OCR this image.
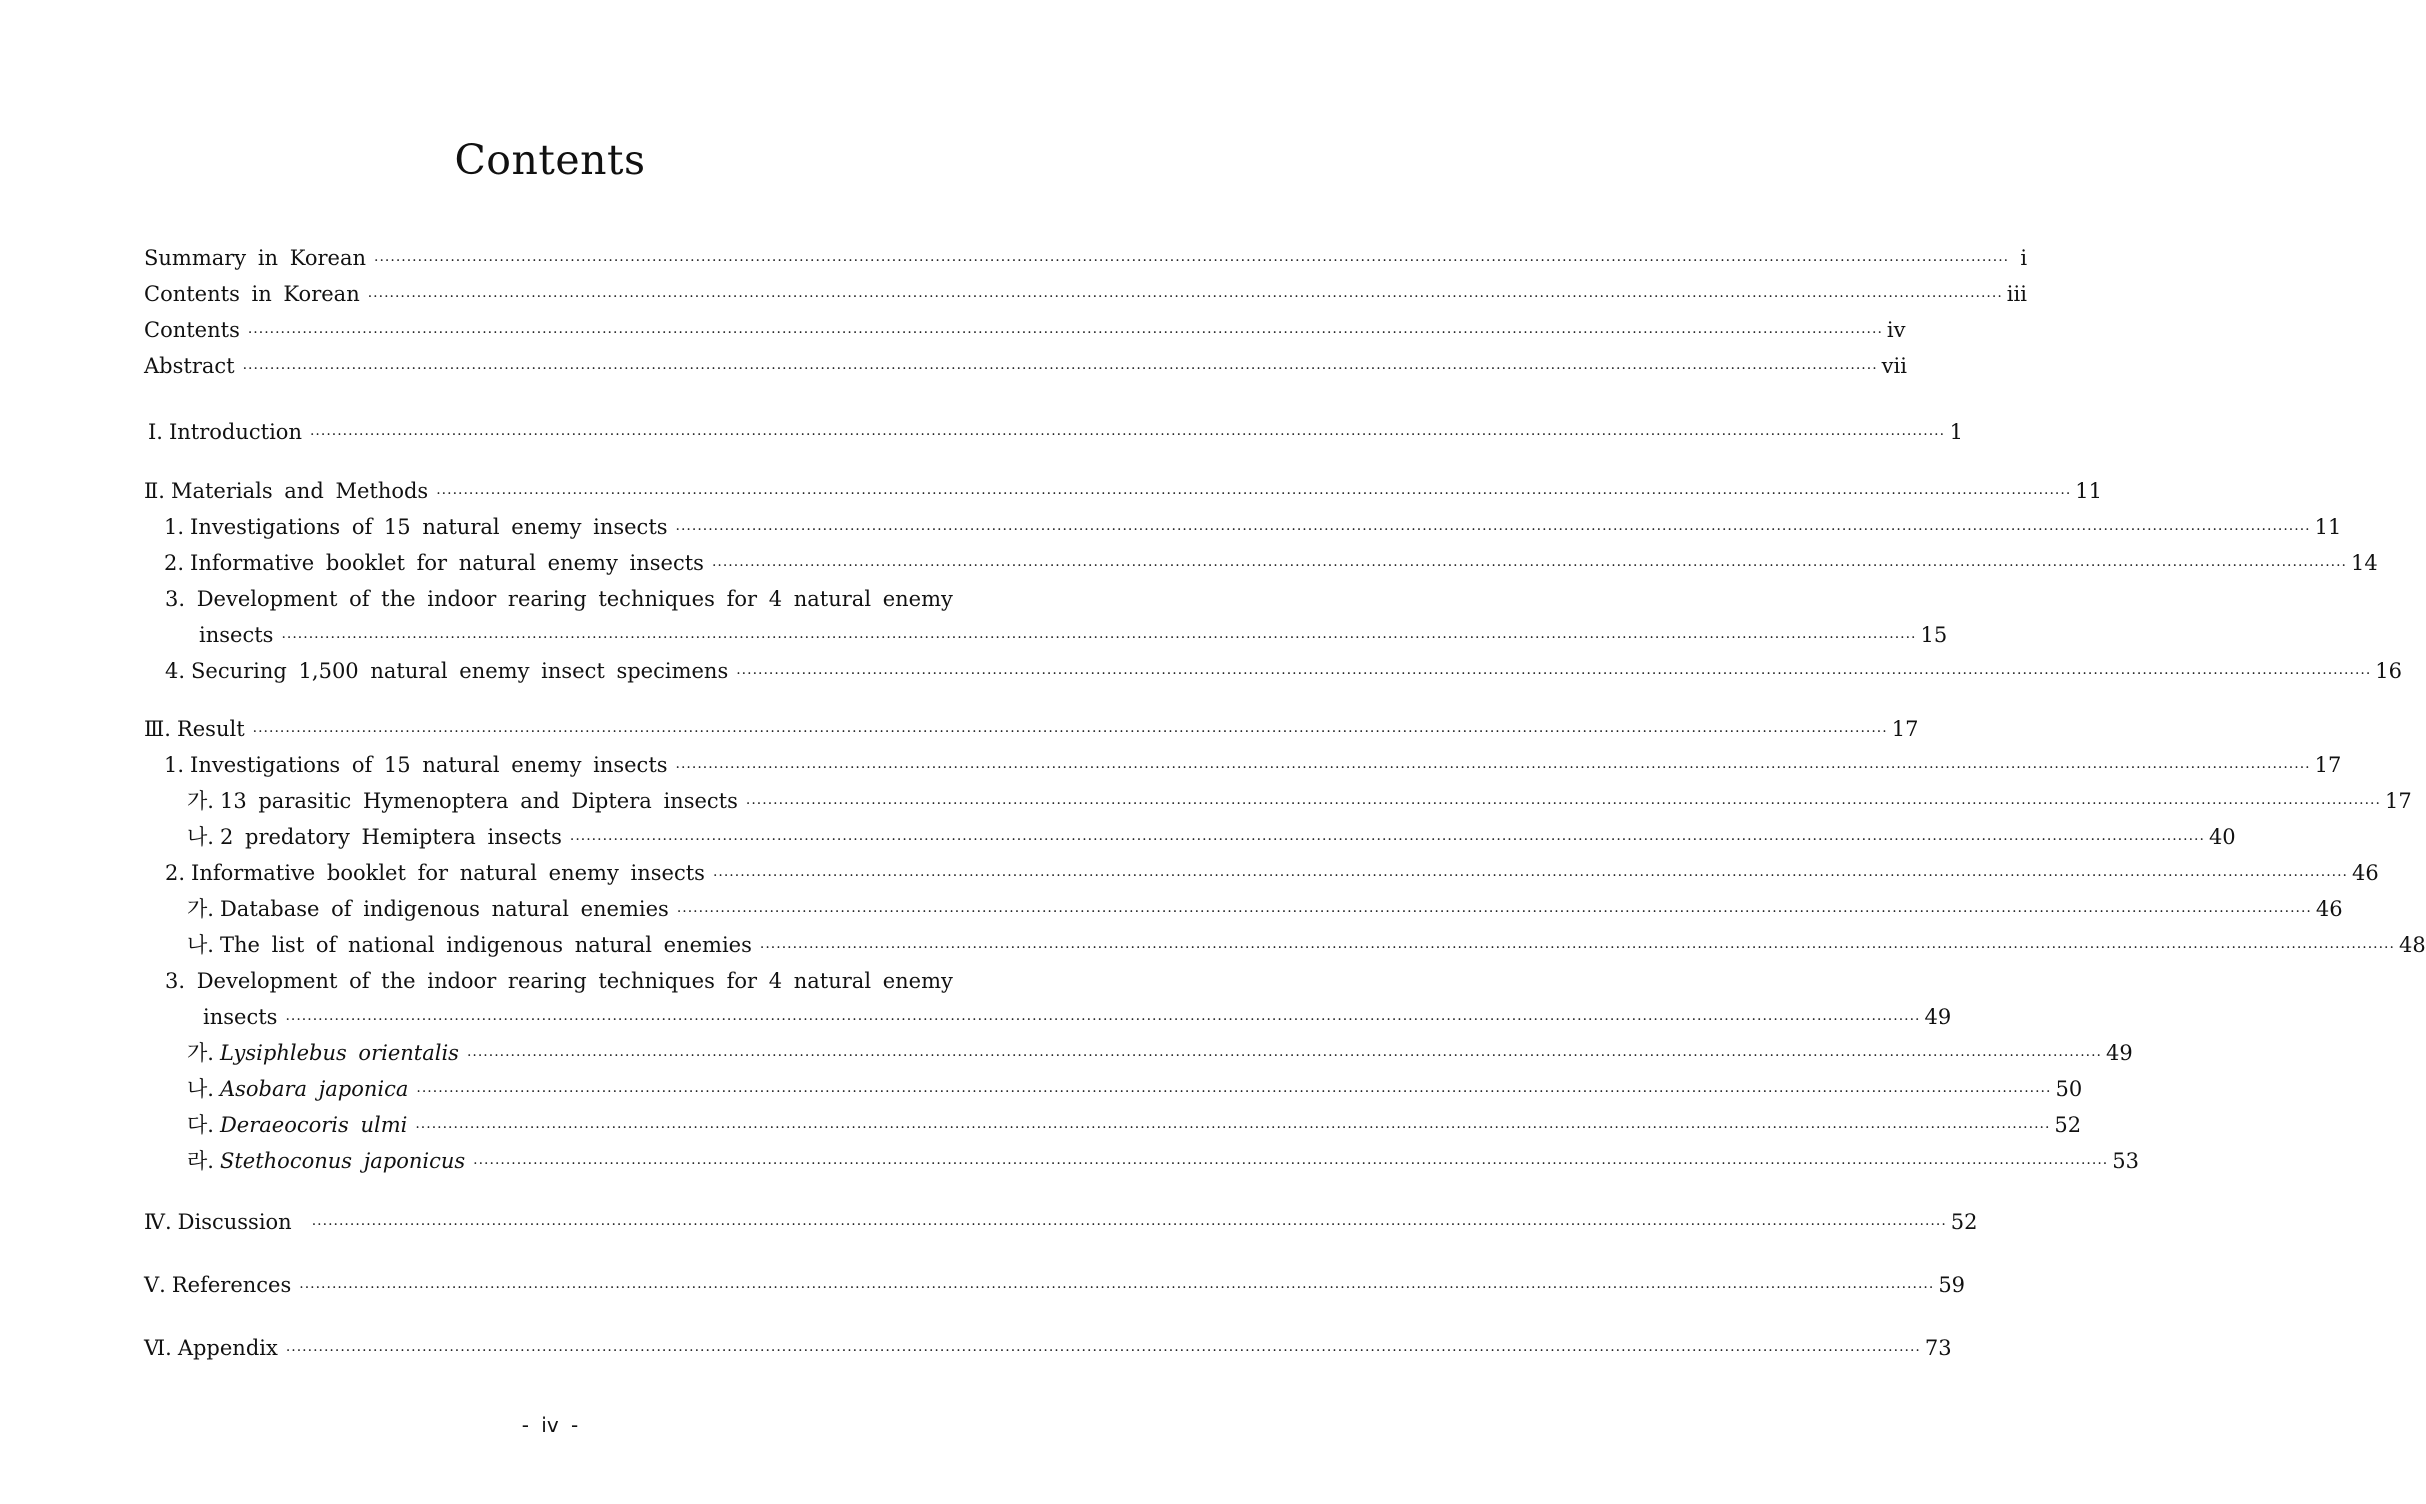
Contents
Summary in Korean ············································································································································································································································································································ i
Contents in Korean ············································································································································································································································································································ iii
Contents ············································································································································································································································································································ iv
Abstract ············································································································································································································································································································ vii
Ⅰ. Introduction ············································································································································································································································································································ 1
Ⅱ. Materials and Methods ············································································································································································································································································································ 11
1. Investigations of 15 natural enemy insects ············································································································································································································································································································ 11
2. Informative booklet for natural enemy insects ············································································································································································································································································································ 14
3. Development of the indoor rearing techniques for 4 natural enemy
insects ············································································································································································································································································································ 15
4. Securing 1,500 natural enemy insect specimens ············································································································································································································································································································ 16
Ⅲ. Result ············································································································································································································································································································ 17
1. Investigations of 15 natural enemy insects ············································································································································································································································································································ 17
가. 13 parasitic Hymenoptera and Diptera insects ············································································································································································································································································································ 17
나. 2 predatory Hemiptera insects ············································································································································································································································································································ 40
2. Informative booklet for natural enemy insects ············································································································································································································································································································ 46
가. Database of indigenous natural enemies ············································································································································································································································································································ 46
나. The list of national indigenous natural enemies ············································································································································································································································································································ 48
3. Development of the indoor rearing techniques for 4 natural enemy
insects ············································································································································································································································································································ 49
가. Lysiphlebus orientalis ············································································································································································································································································································ 49
나. Asobara japonica ············································································································································································································································································································ 50
다. Deraeocoris ulmi ············································································································································································································································································································ 52
라. Stethoconus japonicus ············································································································································································································································································································ 53
Ⅳ. Discussion ············································································································································································································································································································ 52
Ⅴ. References ············································································································································································································································································································ 59
Ⅵ. Appendix ············································································································································································································································································································ 73
- iv -
